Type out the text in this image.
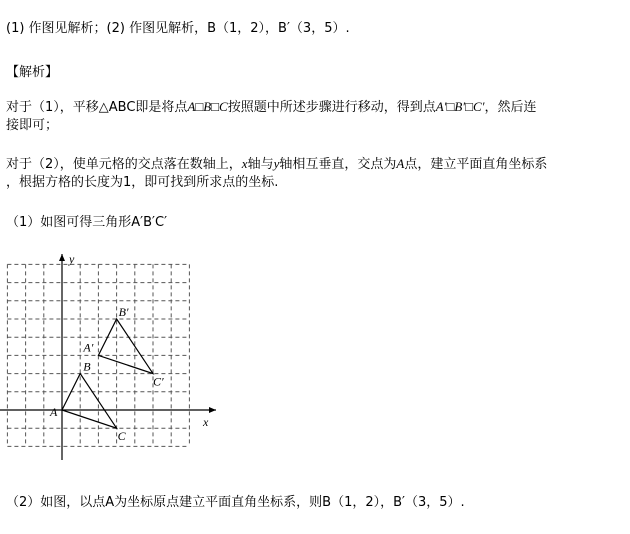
(1) 作图见解析；(2) 作图见解析，B（1，2），B′（3，5）.
【解析】
对于（1），平移△ABC即是将点A□B□C按照题中所述步骤进行移动，得到点A′□B′□C′，然后连
接即可；
对于（2），使单元格的交点落在数轴上，x轴与y轴相互垂直，交点为A点，建立平面直角坐标系
，根据方格的长度为1，即可找到所求点的坐标.
（1）如图可得三角形A′B′C′
x
y
A
B
C
A′
B′
C′
（2）如图，以点A为坐标原点建立平面直角坐标系，则B（1，2），B′（3，5）.
